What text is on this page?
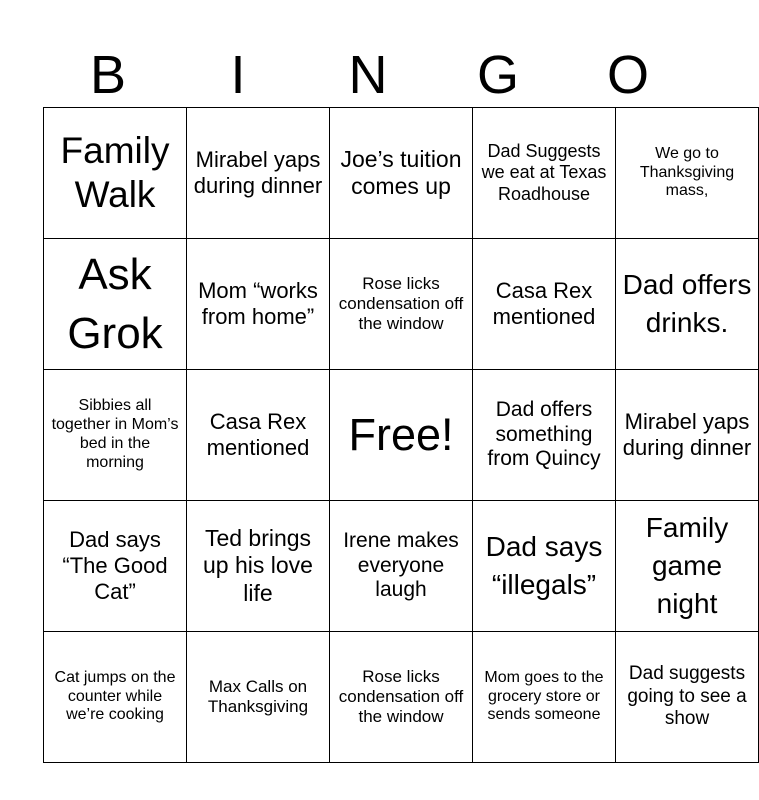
B	I	N	G	O
Family Walk	Mirabel yaps during dinner	Joe’s tuition comes up	Dad Suggests we eat at Texas Roadhouse	We go to Thanksgiving mass,
Ask Grok	Mom “works from home”	Rose licks condensation off the window	Casa Rex mentioned	Dad offers drinks.
Sibbies all together in Mom’s bed in the morning	Casa Rex mentioned	Free!	Dad offers something from Quincy	Mirabel yaps during dinner
Dad says “The Good Cat”	Ted brings up his love life	Irene makes everyone laugh	Dad says “illegals”	Family game night
Cat jumps on the counter while we’re cooking	Max Calls on Thanksgiving	Rose licks condensation off the window	Mom goes to the grocery store or sends someone	Dad suggests going to see a show
